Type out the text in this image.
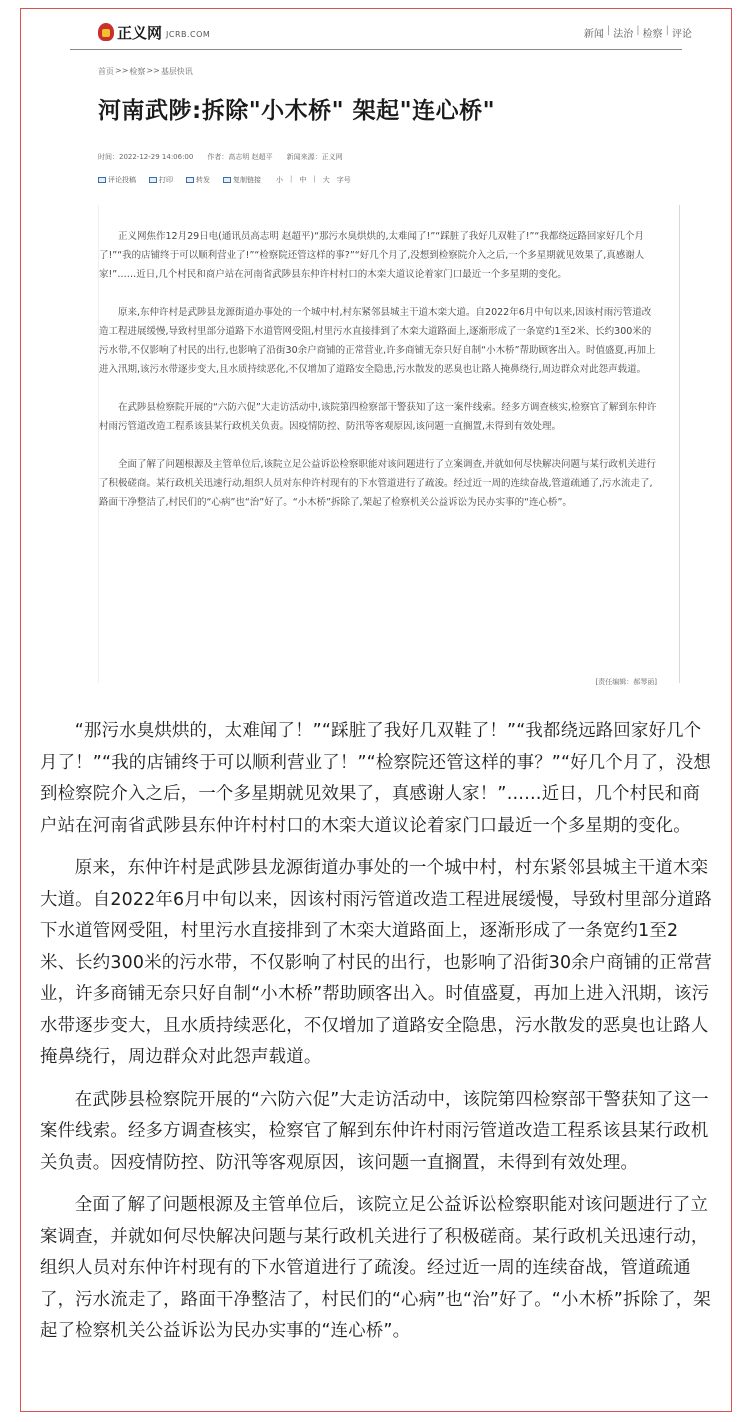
正义网 JCRB.COM	新闻 | 法治 | 检察 | 评论
首页 >> 检察 >> 基层快讯
河南武陟:拆除"小木桥" 架起"连心桥"
时间：2022-12-29 14:06:00 作者：高志明 赵超平 新闻来源：正义网
评论投稿	打印	转发	复制链接 小 | 中 | 大 字号

正义网焦作12月29日电(通讯员高志明 赵超平)“那污水臭烘烘的,太难闻了!”“踩脏了我好几双鞋了!”“我都绕远路回家好几个月了!”“我的店铺终于可以顺利营业了!”“检察院还管这样的事?”“好几个月了,没想到检察院介入之后,一个多星期就见效果了,真感谢人家!”……近日,几个村民和商户站在河南省武陟县东仲许村村口的木栾大道议论着家门口最近一个多星期的变化。

原来,东仲许村是武陟县龙源街道办事处的一个城中村,村东紧邻县城主干道木栾大道。自2022年6月中旬以来,因该村雨污管道改造工程进展缓慢,导致村里部分道路下水道管网受阻,村里污水直接排到了木栾大道路面上,逐渐形成了一条宽约1至2米、长约300米的污水带,不仅影响了村民的出行,也影响了沿街30余户商铺的正常营业,许多商铺无奈只好自制“小木桥”帮助顾客出入。时值盛夏,再加上进入汛期,该污水带逐步变大,且水质持续恶化,不仅增加了道路安全隐患,污水散发的恶臭也让路人掩鼻绕行,周边群众对此怨声载道。

在武陟县检察院开展的“六防六促”大走访活动中,该院第四检察部干警获知了这一案件线索。经多方调查核实,检察官了解到东仲许村雨污管道改造工程系该县某行政机关负责。因疫情防控、防汛等客观原因,该问题一直搁置,未得到有效处理。

全面了解了问题根源及主管单位后,该院立足公益诉讼检察职能对该问题进行了立案调查,并就如何尽快解决问题与某行政机关进行了积极磋商。某行政机关迅速行动,组织人员对东仲许村现有的下水管道进行了疏浚。经过近一周的连续奋战,管道疏通了,污水流走了,路面干净整洁了,村民们的“心病”也“治”好了。“小木桥”拆除了,架起了检察机关公益诉讼为民办实事的“连心桥”。

[责任编辑：郝琴函]

“那污水臭烘烘的，太难闻了！”“踩脏了我好几双鞋了！”“我都绕远路回家好几个月了！”“我的店铺终于可以顺利营业了！”“检察院还管这样的事？”“好几个月了，没想到检察院介入之后，一个多星期就见效果了，真感谢人家！”……近日，几个村民和商户站在河南省武陟县东仲许村村口的木栾大道议论着家门口最近一个多星期的变化。

原来，东仲许村是武陟县龙源街道办事处的一个城中村，村东紧邻县城主干道木栾大道。自2022年6月中旬以来，因该村雨污管道改造工程进展缓慢，导致村里部分道路下水道管网受阻，村里污水直接排到了木栾大道路面上，逐渐形成了一条宽约1至2米、长约300米的污水带，不仅影响了村民的出行，也影响了沿街30余户商铺的正常营业，许多商铺无奈只好自制“小木桥”帮助顾客出入。时值盛夏，再加上进入汛期，该污水带逐步变大，且水质持续恶化，不仅增加了道路安全隐患，污水散发的恶臭也让路人掩鼻绕行，周边群众对此怨声载道。

在武陟县检察院开展的“六防六促”大走访活动中，该院第四检察部干警获知了这一案件线索。经多方调查核实，检察官了解到东仲许村雨污管道改造工程系该县某行政机关负责。因疫情防控、防汛等客观原因，该问题一直搁置，未得到有效处理。

全面了解了问题根源及主管单位后，该院立足公益诉讼检察职能对该问题进行了立案调查，并就如何尽快解决问题与某行政机关进行了积极磋商。某行政机关迅速行动，组织人员对东仲许村现有的下水管道进行了疏浚。经过近一周的连续奋战，管道疏通了，污水流走了，路面干净整洁了，村民们的“心病”也“治”好了。“小木桥”拆除了，架起了检察机关公益诉讼为民办实事的“连心桥”。
